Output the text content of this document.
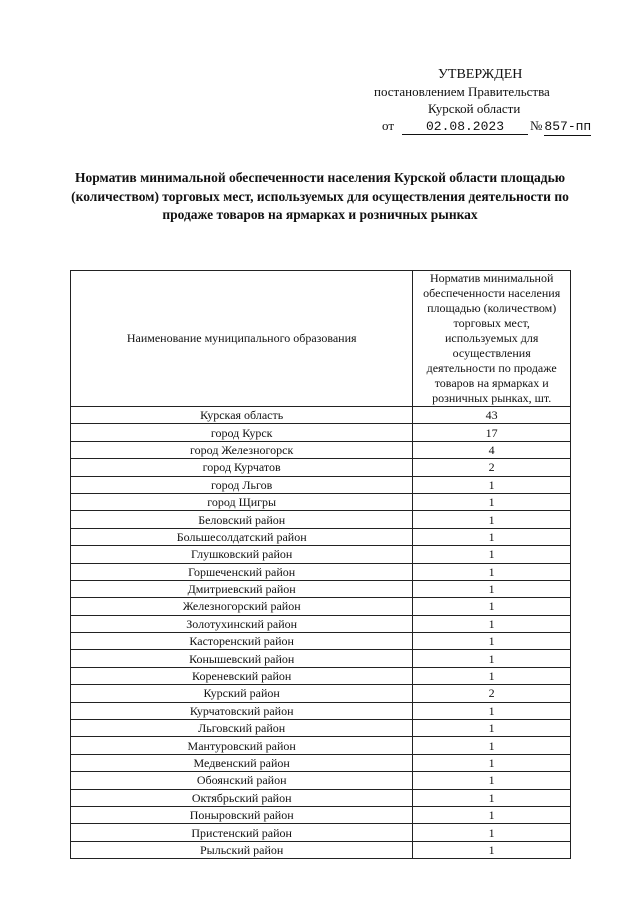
УТВЕРЖДЕН
постановлением Правительства
Курской области
от	02.08.2023	№ 857-пп
Норматив минимальной обеспеченности населения Курской области площадью (количеством) торговых мест, используемых для осуществления деятельности по продаже товаров на ярмарках и розничных рынках
Наименование муниципального образования	Норматив минимальной обеспеченности населения площадью (количеством) торговых мест, используемых для осуществления деятельности по продаже товаров на ярмарках и розничных рынках, шт.
Курская область	43
город Курск	17
город Железногорск	4
город Курчатов	2
город Льгов	1
город Щигры	1
Беловский район	1
Большесолдатский район	1
Глушковский район	1
Горшеченский район	1
Дмитриевский район	1
Железногорский район	1
Золотухинский район	1
Касторенский район	1
Конышевский район	1
Кореневский район	1
Курский район	2
Курчатовский район	1
Льговский район	1
Мантуровский район	1
Медвенский район	1
Обоянский район	1
Октябрьский район	1
Поныровский район	1
Пристенский район	1
Рыльский район	1
